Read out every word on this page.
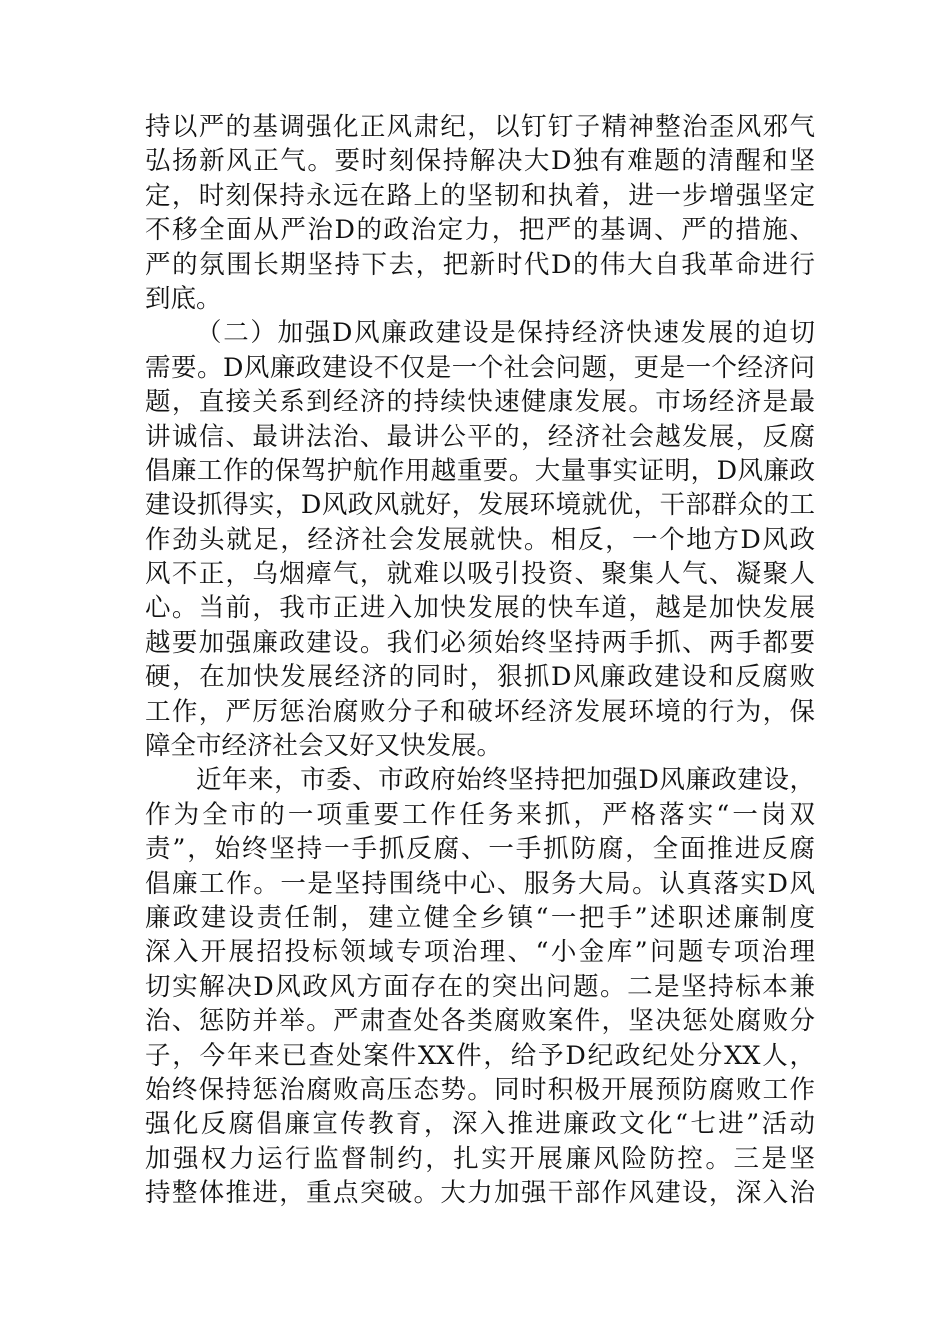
持以严的基调强化正风肃纪，以钉钉子精神整治歪风邪气
弘扬新风正气。要时刻保持解决大D独有难题的清醒和坚
定，时刻保持永远在路上的坚韧和执着，进一步增强坚定
不移全面从严治D的政治定力，把严的基调、严的措施、
严的氛围长期坚持下去，把新时代D的伟大自我革命进行
到底。
（二）加强D风廉政建设是保持经济快速发展的迫切
需要。D风廉政建设不仅是一个社会问题，更是一个经济问
题，直接关系到经济的持续快速健康发展。市场经济是最
讲诚信、最讲法治、最讲公平的，经济社会越发展，反腐
倡廉工作的保驾护航作用越重要。大量事实证明，D风廉政
建设抓得实，D风政风就好，发展环境就优，干部群众的工
作劲头就足，经济社会发展就快。相反，一个地方D风政
风不正，乌烟瘴气，就难以吸引投资、聚集人气、凝聚人
心。当前，我市正进入加快发展的快车道，越是加快发展
越要加强廉政建设。我们必须始终坚持两手抓、两手都要
硬，在加快发展经济的同时，狠抓D风廉政建设和反腐败
工作，严厉惩治腐败分子和破坏经济发展环境的行为，保
障全市经济社会又好又快发展。
近年来，市委、市政府始终坚持把加强D风廉政建设，
作为全市的一项重要工作任务来抓，严格落实“一岗双
责”，始终坚持一手抓反腐、一手抓防腐，全面推进反腐
倡廉工作。一是坚持围绕中心、服务大局。认真落实D风
廉政建设责任制，建立健全乡镇“一把手”述职述廉制度
深入开展招投标领域专项治理、“小金库”问题专项治理
切实解决D风政风方面存在的突出问题。二是坚持标本兼
治、惩防并举。严肃查处各类腐败案件，坚决惩处腐败分
子，今年来已查处案件XX件，给予D纪政纪处分XX人，
始终保持惩治腐败高压态势。同时积极开展预防腐败工作
强化反腐倡廉宣传教育，深入推进廉政文化“七进”活动
加强权力运行监督制约，扎实开展廉风险防控。三是坚
持整体推进，重点突破。大力加强干部作风建设，深入治
